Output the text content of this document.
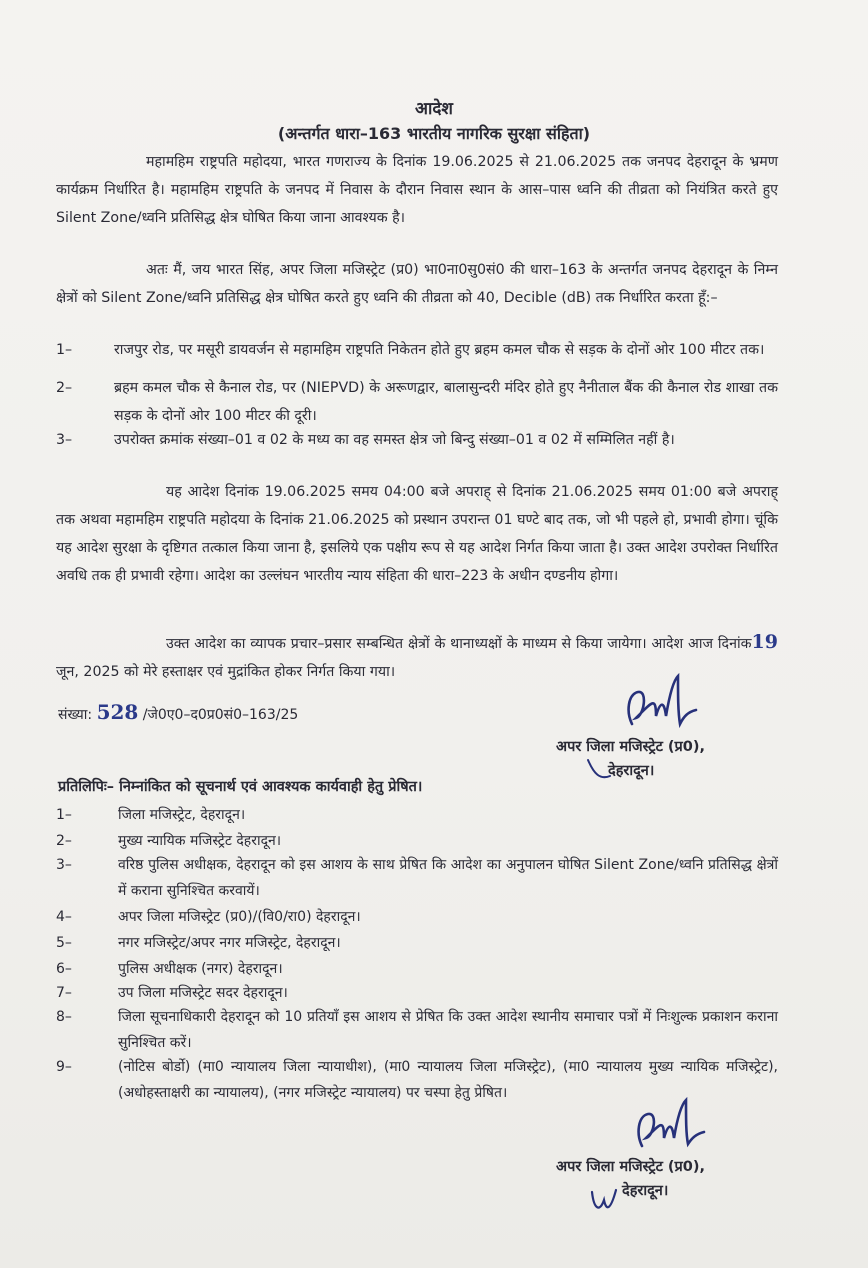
आदेश
(अन्तर्गत धारा–163 भारतीय नागरिक सुरक्षा संहिता)

महामहिम राष्ट्रपति महोदया, भारत गणराज्य के दिनांक 19.06.2025 से 21.06.2025 तक जनपद देहरादून के भ्रमण कार्यक्रम निर्धारित है। महामहिम राष्ट्रपति के जनपद में निवास के दौरान निवास स्थान के आस–पास ध्वनि की तीव्रता को नियंत्रित करते हुए Silent Zone/ध्वनि प्रतिसिद्ध क्षेत्र घोषित किया जाना आवश्यक है।

अतः मैं, जय भारत सिंह, अपर जिला मजिस्ट्रेट (प्र0) भा0ना0सु0सं0 की धारा–163 के अन्तर्गत जनपद देहरादून के निम्न क्षेत्रों को Silent Zone/ध्वनि प्रतिसिद्ध क्षेत्र घोषित करते हुए ध्वनि की तीव्रता को 40, Decible (dB) तक निर्धारित करता हूँ:–

1–	राजपुर रोड, पर मसूरी डायवर्जन से महामहिम राष्ट्रपति निकेतन होते हुए ब्रहम कमल चौक से सड़क के दोनों ओर 100 मीटर तक।
2–	ब्रहम कमल चौक से कैनाल रोड, पर (NIEPVD) के अरूणद्वार, बालासुन्दरी मंदिर होते हुए नैनीताल बैंक की कैनाल रोड शाखा तक सड़क के दोनों ओर 100 मीटर की दूरी।
3–	उपरोक्त क्रमांक संख्या–01 व 02 के मध्य का वह समस्त क्षेत्र जो बिन्दु संख्या–01 व 02 में सम्मिलित नहीं है।

यह आदेश दिनांक 19.06.2025 समय 04:00 बजे अपराह् से दिनांक 21.06.2025 समय 01:00 बजे अपराह् तक अथवा महामहिम राष्ट्रपति महोदया के दिनांक 21.06.2025 को प्रस्थान उपरान्त 01 घण्टे बाद तक, जो भी पहले हो, प्रभावी होगा। चूंकि यह आदेश सुरक्षा के दृष्टिगत तत्काल किया जाना है, इसलिये एक पक्षीय रूप से यह आदेश निर्गत किया जाता है। उक्त आदेश उपरोक्त निर्धारित अवधि तक ही प्रभावी रहेगा। आदेश का उल्लंघन भारतीय न्याय संहिता की धारा–223 के अधीन दण्डनीय होगा।

उक्त आदेश का व्यापक प्रचार–प्रसार सम्बन्धित क्षेत्रों के थानाध्यक्षों के माध्यम से किया जायेगा। आदेश आज दिनांक19 जून, 2025 को मेरे हस्ताक्षर एवं मुद्रांकित होकर निर्गत किया गया।

संख्या: 528 /जे0ए0–द0प्र0सं0–163/25
अपर जिला मजिस्ट्रेट (प्र0),
देहरादून।
प्रतिलिपिः– निम्नांकित को सूचनार्थ एवं आवश्यक कार्यवाही हेतु प्रेषित।
1–	जिला मजिस्ट्रेट, देहरादून।
2–	मुख्य न्यायिक मजिस्ट्रेट देहरादून।
3–	वरिष्ठ पुलिस अधीक्षक, देहरादून को इस आशय के साथ प्रेषित कि आदेश का अनुपालन घोषित Silent Zone/ध्वनि प्रतिसिद्ध क्षेत्रों में कराना सुनिश्चित करवायें।
4–	अपर जिला मजिस्ट्रेट (प्र0)/(वि0/रा0) देहरादून।
5–	नगर मजिस्ट्रेट/अपर नगर मजिस्ट्रेट, देहरादून।
6–	पुलिस अधीक्षक (नगर) देहरादून।
7–	उप जिला मजिस्ट्रेट सदर देहरादून।
8–	जिला सूचनाधिकारी देहरादून को 10 प्रतियाँ इस आशय से प्रेषित कि उक्त आदेश स्थानीय समाचार पत्रों में निःशुल्क प्रकाशन कराना सुनिश्चित करें।
9–	(नोटिस बोर्डो) (मा0 न्यायालय जिला न्यायाधीश), (मा0 न्यायालय जिला मजिस्ट्रेट), (मा0 न्यायालय मुख्य न्यायिक मजिस्ट्रेट), (अधोहस्ताक्षरी का न्यायालय), (नगर मजिस्ट्रेट न्यायालय) पर चस्पा हेतु प्रेषित।
अपर जिला मजिस्ट्रेट (प्र0),
देहरादून।
